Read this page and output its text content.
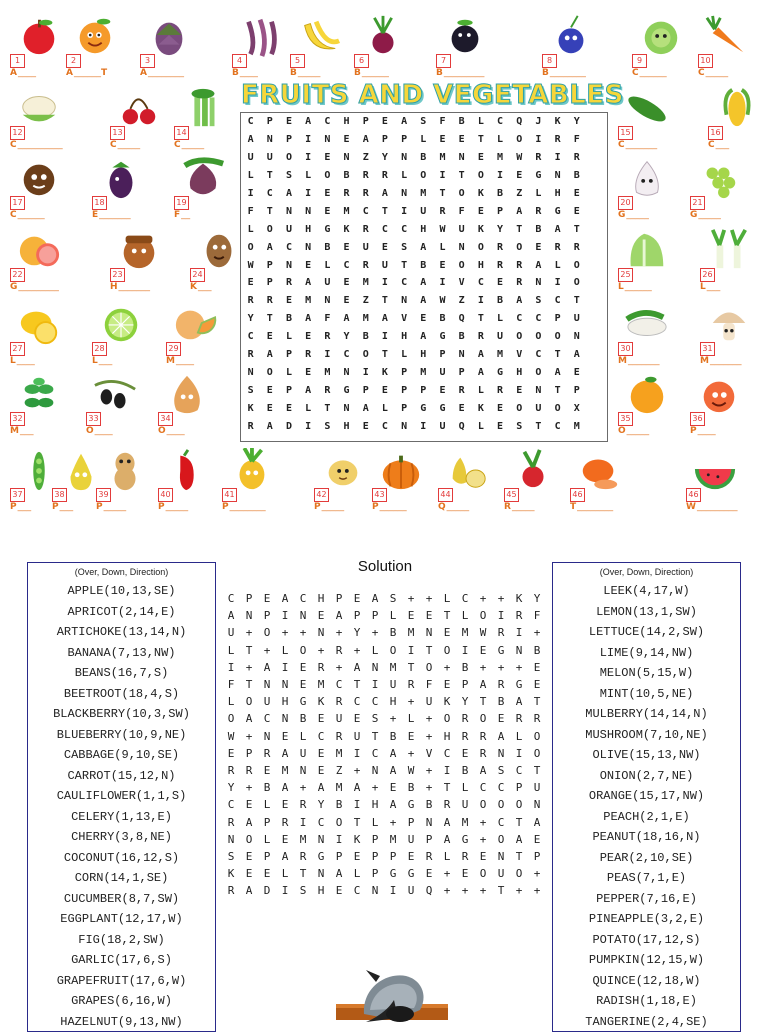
1
A____
2
A______T
3
A________
4
B____
5
B_____
6
B______
7
B_________
8
B________
9
C______
10
C_____
12
C__________
13
C_____
14
C_____
15
C_______
16
C___
17
C______
18
E_______
19
F__
20
G_____
21
G_____
22
G_________
23
H_______
24
K___
25
L______
26
L___
27
L____
28
L___
29
M____
30
M_______
31
M_______
32
M___
33
O____
34
O____
35
O_____
36
P____
37
P___
38
P___
39
P_____
40
P_____
41
P________
42
P_____
43
P______
44
Q_____
45
R_____
46
T________
46
W_________
FRUITS AND VEGETABLES
C	P	E	A	C	H	P	E	A	S	F	B	L	C	Q	J	K	Y
A	N	P	I	N	E	A	P	P	L	E	E	T	L	O	I	R	F
U	U	O	I	E	N	Z	Y	N	B	M	N	E	M	W	R	I	R
L	T	S	L	O	B	R	R	L	O	I	T	O	I	E	G	N	B
I	C	A	I	E	R	R	A	N	M	T	O	K	B	Z	L	H	E
F	T	N	N	E	M	C	T	I	U	R	F	E	P	A	R	G	E
L	O	U	H	G	K	R	C	C	H	W	U	K	Y	T	B	A	T
O	A	C	N	B	E	U	E	S	A	L	N	O	R	O	E	R	R
W	P	N	E	L	C	R	U	T	B	E	O	H	R	R	A	L	O
E	P	R	A	U	E	M	I	C	A	I	V	C	E	R	N	I	O
R	R	E	M	N	E	Z	T	N	A	W	Z	I	B	A	S	C	T
Y	T	B	A	F	A	M	A	V	E	B	Q	T	L	C	C	P	U
C	E	L	E	R	Y	B	I	H	A	G	B	R	U	O	O	O	N
R	A	P	R	I	C	O	T	L	H	P	N	A	M	V	C	T	A
N	O	L	E	M	N	I	K	P	M	U	P	A	G	H	O	A	E
S	E	P	A	R	G	P	E	P	P	E	R	L	R	E	N	T	P
K	E	E	L	T	N	A	L	P	G	G	E	K	E	O	U	O	X
R	A	D	I	S	H	E	C	N	I	U	Q	L	E	S	T	C	M
Solution
(Over, Down, Direction)
APPLE(10,13,SE)
APRICOT(2,14,E)
ARTICHOKE(13,14,N)
BANANA(7,13,NW)
BEANS(16,7,S)
BEETROOT(18,4,S)
BLACKBERRY(10,3,SW)
BLUEBERRY(10,9,NE)
CABBAGE(9,10,SE)
CARROT(15,12,N)
CAULIFLOWER(1,1,S)
CELERY(1,13,E)
CHERRY(3,8,NE)
COCONUT(16,12,S)
CORN(14,1,SE)
CUCUMBER(8,7,SW)
EGGPLANT(12,17,W)
FIG(18,2,SW)
GARLIC(17,6,S)
GRAPEFRUIT(17,6,W)
GRAPES(6,16,W)
HAZELNUT(9,13,NW)
C	P	E	A	C	H	P	E	A	S	+	+	L	C	+	+	K	Y
A	N	P	I	N	E	A	P	P	L	E	E	T	L	O	I	R	F
U	+	O	+	+	N	+	Y	+	B	M	N	E	M	W	R	I	+
L	T	+	L	O	+	R	+	L	O	I	T	O	I	E	G	N	B
I	+	A	I	E	R	+	A	N	M	T	O	+	B	+	+	+	E
F	T	N	N	E	M	C	T	I	U	R	F	E	P	A	R	G	E
L	O	U	H	G	K	R	C	C	H	+	U	K	Y	T	B	A	T
O	A	C	N	B	E	U	E	S	+	L	+	O	R	O	E	R	R
W	+	N	E	L	C	R	U	T	B	E	+	H	R	R	A	L	O
E	P	R	A	U	E	M	I	C	A	+	V	C	E	R	N	I	O
R	R	E	M	N	E	Z	+	N	A	W	+	I	B	A	S	C	T
Y	+	B	A	+	A	M	A	+	E	B	+	T	L	C	C	P	U
C	E	L	E	R	Y	B	I	H	A	G	B	R	U	O	O	O	N
R	A	P	R	I	C	O	T	L	+	P	N	A	M	+	C	T	A
N	O	L	E	M	N	I	K	P	M	U	P	A	G	+	O	A	E
S	E	P	A	R	G	P	E	P	P	E	R	L	R	E	N	T	P
K	E	E	L	T	N	A	L	P	G	G	E	+	E	O	U	O	+
R	A	D	I	S	H	E	C	N	I	U	Q	+	+	+	T	+	+
(Over, Down, Direction)
LEEK(4,17,W)
LEMON(13,1,SW)
LETTUCE(14,2,SW)
LIME(9,14,NW)
MELON(5,15,W)
MINT(10,5,NE)
MULBERRY(14,14,N)
MUSHROOM(7,10,NE)
OLIVE(15,13,NW)
ONION(2,7,NE)
ORANGE(15,17,NW)
PEACH(2,1,E)
PEANUT(18,16,N)
PEAR(2,10,SE)
PEAS(7,1,E)
PEPPER(7,16,E)
PINEAPPLE(3,2,E)
POTATO(17,12,S)
PUMPKIN(12,15,W)
QUINCE(12,18,W)
RADISH(1,18,E)
TANGERINE(2,4,SE)
